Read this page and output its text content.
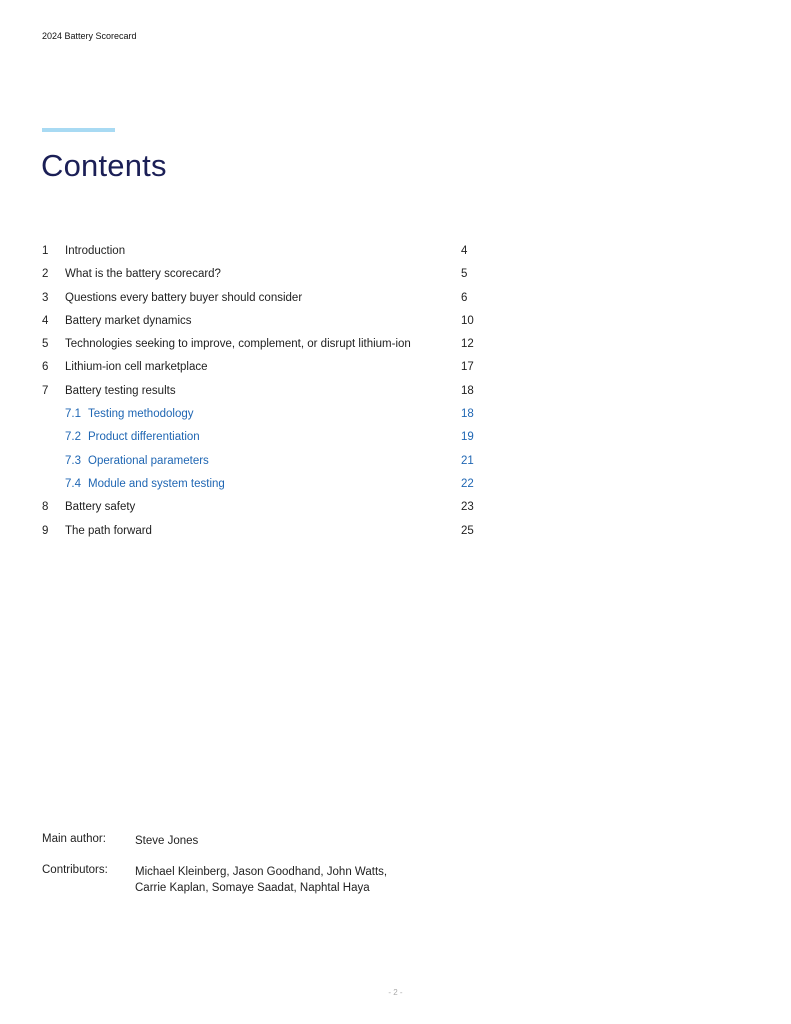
2024 Battery Scorecard
Contents
1 Introduction	4
2 What is the battery scorecard?	5
3 Questions every battery buyer should consider	6
4 Battery market dynamics	10
5 Technologies seeking to improve, complement, or disrupt lithium-ion	12
6 Lithium-ion cell marketplace	17
7 Battery testing results	18
7.1 Testing methodology	18
7.2 Product differentiation	19
7.3 Operational parameters	21
7.4 Module and system testing	22
8 Battery safety	23
9 The path forward	25
Main author:	Steve Jones
Contributors: Michael Kleinberg, Jason Goodhand, John Watts,
Carrie Kaplan, Somaye Saadat, Naphtal Haya
- 2 -
